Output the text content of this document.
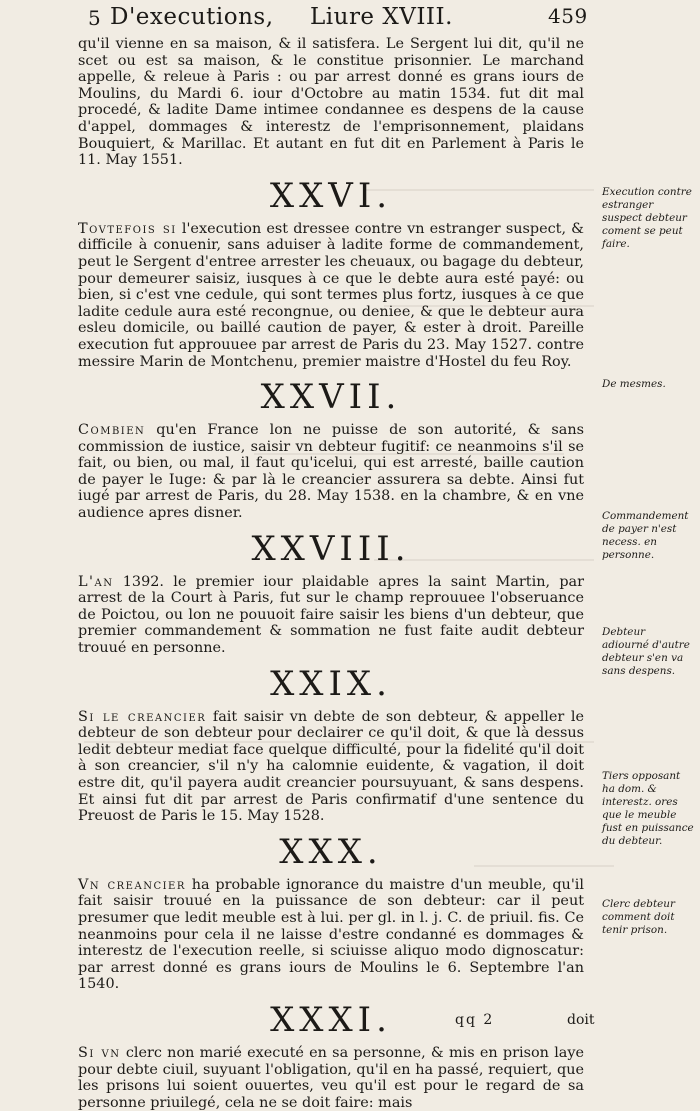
5 D'executions, Liure XVIII.	459

qu'il vienne en sa maison, & il satisfera. Le Sergent lui dit, qu'il ne scet ou est sa maison, & le constitue prisonnier. Le marchand appelle, & releue à Paris : ou par arrest donné es grans iours de Moulins, du Mardi 6. iour d'Octobre au matin 1534. fut dit mal procedé, & ladite Dame intimee condannee es despens de la cause d'appel, dommages & interestz de l'emprisonnement, plaidans Bouquiert, & Marillac. Et autant en fut dit en Parlement à Paris le 11. May 1551.

XXVI.

Tovtefois si l'execution est dressee contre vn estranger suspect, & difficile à conuenir, sans aduiser à ladite forme de commandement, peut le Sergent d'entree arrester les cheuaux, ou bagage du debteur, pour demeurer saisiz, iusques à ce que le debte aura esté payé: ou bien, si c'est vne cedule, qui sont termes plus fortz, iusques à ce que ladite cedule aura esté recongnue, ou deniee, & que le debteur aura esleu domicile, ou baillé caution de payer, & ester à droit. Pareille execution fut approuuee par arrest de Paris du 23. May 1527. contre messire Marin de Montchenu, premier maistre d'Hostel du feu Roy.

XXVII.

Combien qu'en France lon ne puisse de son autorité, & sans commission de iustice, saisir vn debteur fugitif: ce neanmoins s'il se fait, ou bien, ou mal, il faut qu'icelui, qui est arresté, baille caution de payer le Iuge: & par là le creancier assurera sa debte. Ainsi fut iugé par arrest de Paris, du 28. May 1538. en la chambre, & en vne audience apres disner.

XXVIII.

L'an 1392. le premier iour plaidable apres la saint Martin, par arrest de la Court à Paris, fut sur le champ reprouuee l'obseruance de Poictou, ou lon ne pouuoit faire saisir les biens d'un debteur, que premier commandement & sommation ne fust faite audit debteur trouué en personne.

XXIX.

Si le creancier fait saisir vn debte de son debteur, & appeller le debteur de son debteur pour declairer ce qu'il doit, & que là dessus ledit debteur mediat face quelque difficulté, pour la fidelité qu'il doit à son creancier, s'il n'y ha calomnie euidente, & vagation, il doit estre dit, qu'il payera audit creancier poursuyuant, & sans despens. Et ainsi fut dit par arrest de Paris confirmatif d'une sentence du Preuost de Paris le 15. May 1528.

XXX.

Vn creancier ha probable ignorance du maistre d'un meuble, qu'il fait saisir trouué en la puissance de son debteur: car il peut presumer que ledit meuble est à lui. per gl. in l. j. C. de priuil. fis. Ce neanmoins pour cela il ne laisse d'estre condanné es dommages & interestz de l'execution reelle, si sciuisse aliquo modo dignoscatur: par arrest donné es grans iours de Moulins le 6. Septembre l'an 1540.

XXXI.

Si vn clerc non marié executé en sa personne, & mis en prison laye pour debte ciuil, suyuant l'obligation, qu'il en ha passé, requiert, que les prisons lui soient ouuertes, veu qu'il est pour le regard de sa personne priuilegé, cela ne se doit faire: mais

qq 2	doit
Execution contre estranger suspect debteur coment se peut faire.
De mesmes.
Commandement de payer n'est necess. en personne.
Debteur adiourné d'autre debteur s'en va sans despens.
Tiers opposant ha dom. & interestz. ores que le meuble fust en puissance du debteur.
Clerc debteur comment doit tenir prison.
